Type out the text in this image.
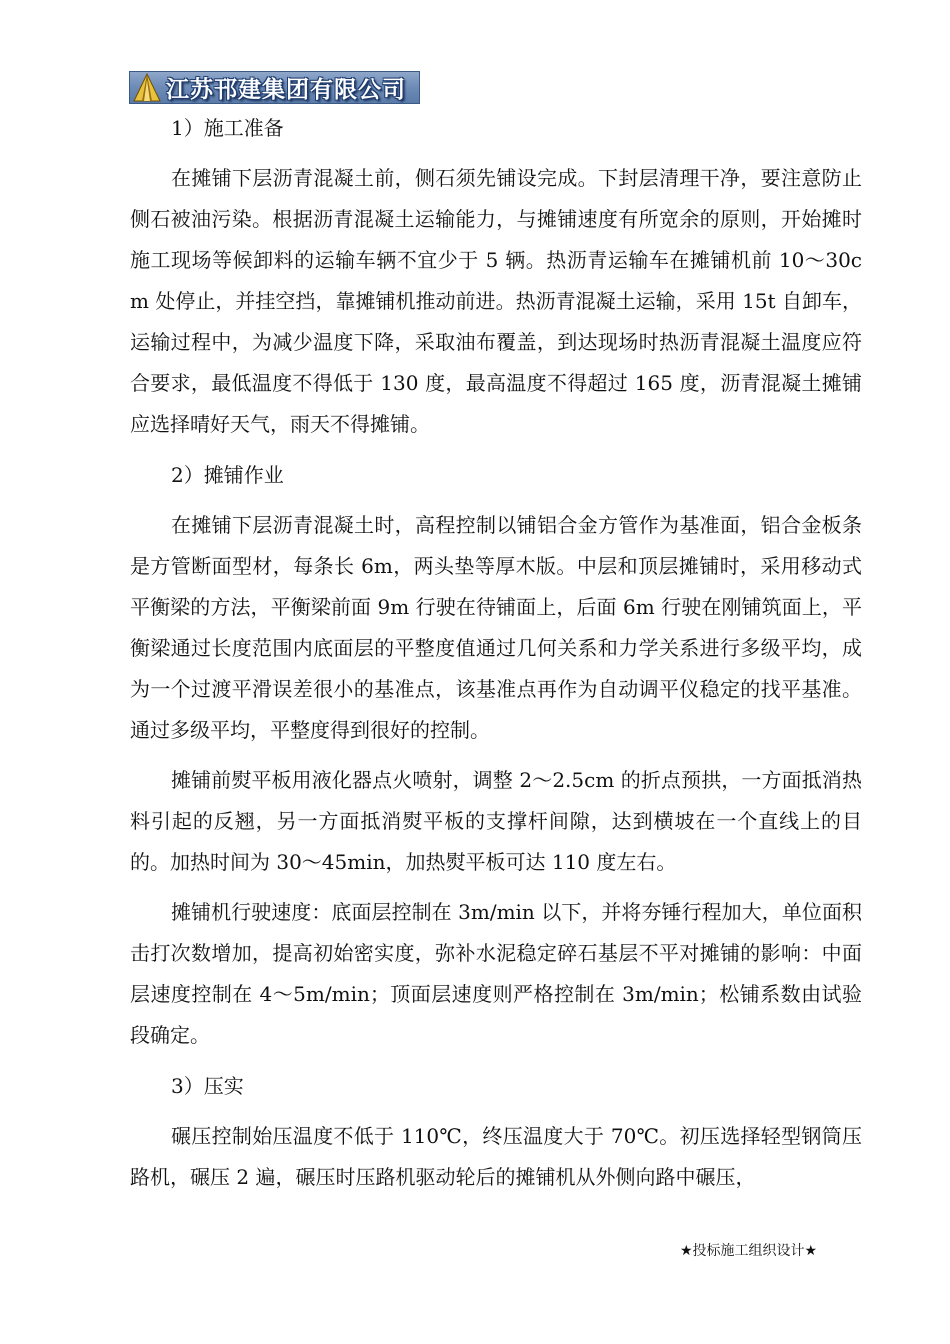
江苏邗建集团有限公司

1）施工准备

在摊铺下层沥青混凝土前，侧石须先铺设完成。下封层清理干净，要注意防止侧石被油污染。根据沥青混凝土运输能力，与摊铺速度有所宽余的原则，开始摊时施工现场等候卸料的运输车辆不宜少于 5 辆。热沥青运输车在摊铺机前 10～30cm 处停止，并挂空挡，靠摊铺机推动前进。热沥青混凝土运输，采用 15t 自卸车，运输过程中，为减少温度下降，采取油布覆盖，到达现场时热沥青混凝土温度应符合要求，最低温度不得低于 130 度，最高温度不得超过 165 度，沥青混凝土摊铺应选择晴好天气，雨天不得摊铺。

2）摊铺作业

在摊铺下层沥青混凝土时，高程控制以铺铝合金方管作为基准面，铝合金板条是方管断面型材，每条长 6m，两头垫等厚木版。中层和顶层摊铺时，采用移动式平衡梁的方法，平衡梁前面 9m 行驶在待铺面上，后面 6m 行驶在刚铺筑面上，平衡梁通过长度范围内底面层的平整度值通过几何关系和力学关系进行多级平均，成为一个过渡平滑误差很小的基准点，该基准点再作为自动调平仪稳定的找平基准。通过多级平均，平整度得到很好的控制。

摊铺前熨平板用液化器点火喷射，调整 2～2.5cm 的折点预拱，一方面抵消热料引起的反翘，另一方面抵消熨平板的支撑杆间隙，达到横坡在一个直线上的目的。加热时间为 30～45min，加热熨平板可达 110 度左右。

摊铺机行驶速度：底面层控制在 3m/min 以下，并将夯锤行程加大，单位面积击打次数增加，提高初始密实度，弥补水泥稳定碎石基层不平对摊铺的影响：中面层速度控制在 4～5m/min；顶面层速度则严格控制在 3m/min；松铺系数由试验段确定。

3）压实

碾压控制始压温度不低于 110℃，终压温度大于 70℃。初压选择轻型钢筒压路机，碾压 2 遍，碾压时压路机驱动轮后的摊铺机从外侧向路中碾压，

★投标施工组织设计★
